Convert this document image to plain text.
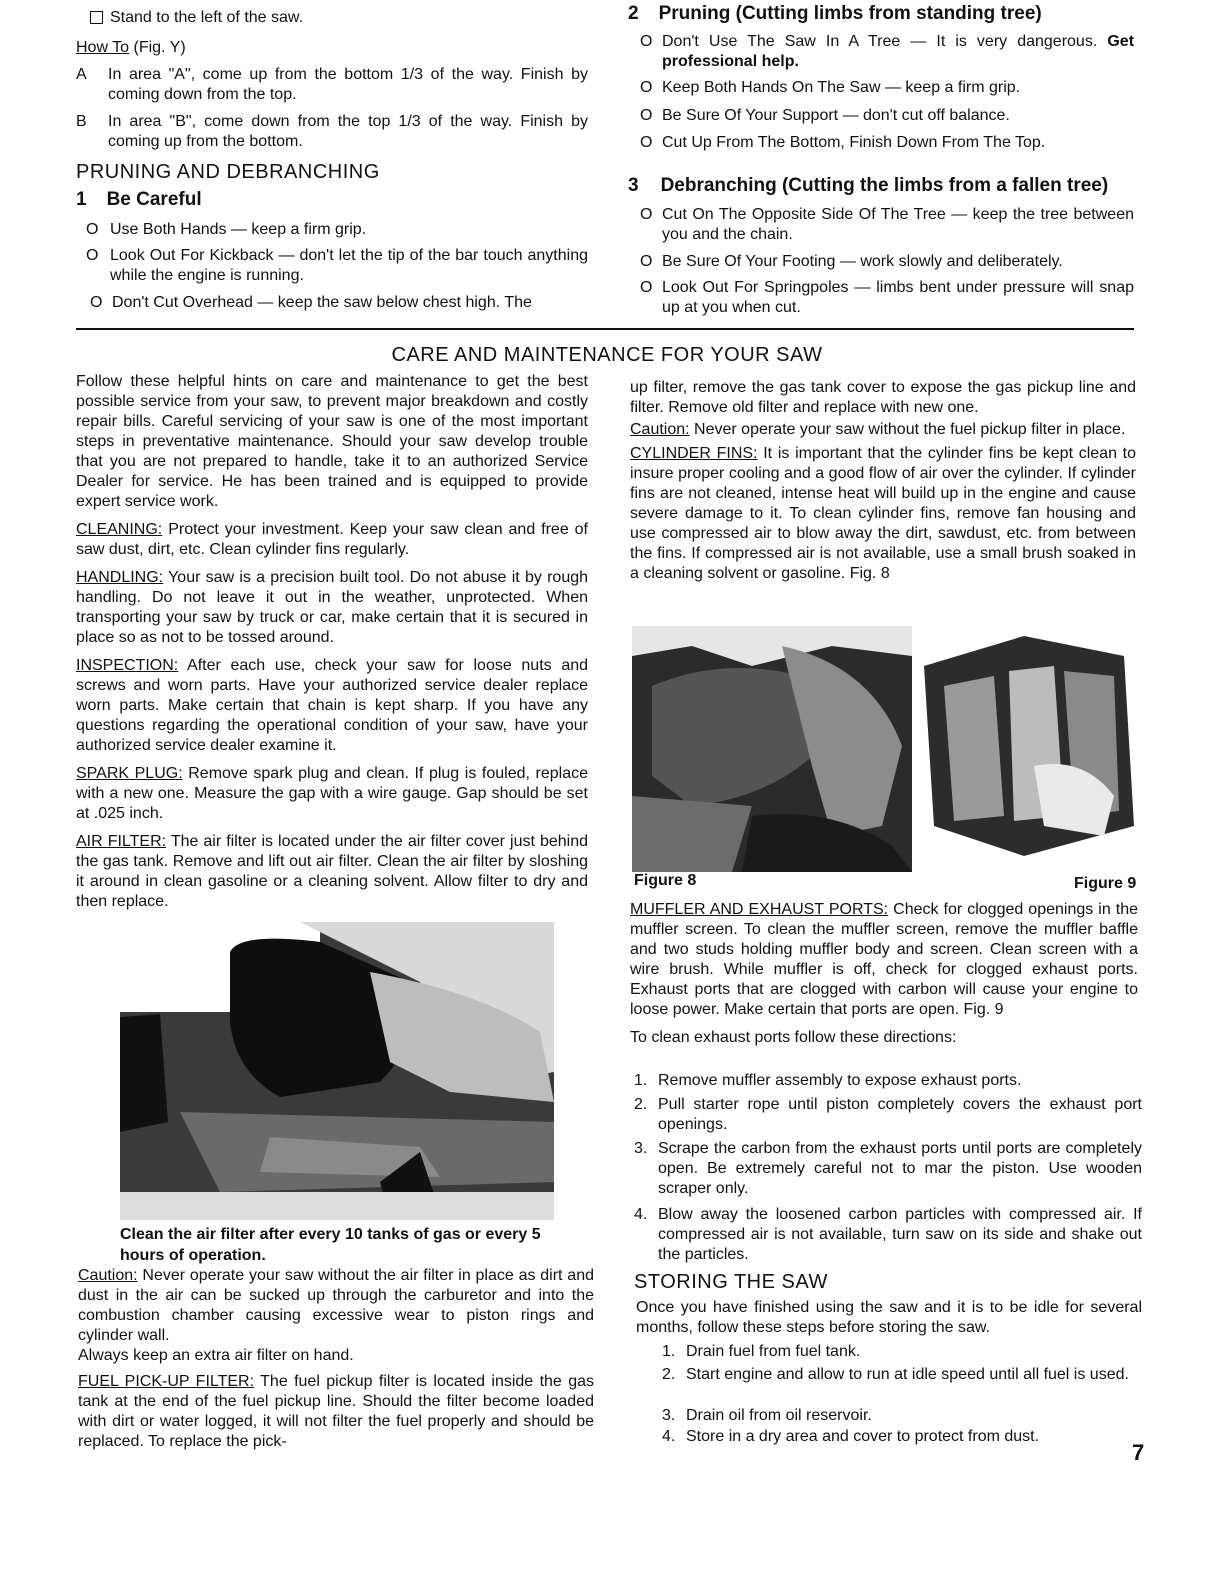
Stand to the left of the saw.
How To (Fig. Y)
A	In area "A", come up from the bottom 1/3 of the way. Finish by coming down from the top.
B	In area "B", come down from the top 1/3 of the way. Finish by coming up from the bottom.
PRUNING AND DEBRANCHING
1 Be Careful
O Use Both Hands — keep a firm grip.
O Look Out For Kickback — don't let the tip of the bar touch anything while the engine is running.
O Don't Cut Overhead — keep the saw below chest high. The
2 Pruning (Cutting limbs from standing tree)
O Don't Use The Saw In A Tree — It is very dangerous. Get professional help.
O Keep Both Hands On The Saw — keep a firm grip.
O Be Sure Of Your Support — don't cut off balance.
O Cut Up From The Bottom, Finish Down From The Top.
3 Debranching (Cutting the limbs from a fallen tree)
O Cut On The Opposite Side Of The Tree — keep the tree between you and the chain.
O Be Sure Of Your Footing — work slowly and deliberately.
O Look Out For Springpoles — limbs bent under pressure will snap up at you when cut.
CARE AND MAINTENANCE FOR YOUR SAW

Follow these helpful hints on care and maintenance to get the best possible service from your saw, to prevent major breakdown and costly repair bills. Careful servicing of your saw is one of the most important steps in preventative maintenance. Should your saw develop trouble that you are not prepared to handle, take it to an authorized Service Dealer for service. He has been trained and is equipped to provide expert service work.

CLEANING: Protect your investment. Keep your saw clean and free of saw dust, dirt, etc. Clean cylinder fins regularly.

HANDLING: Your saw is a precision built tool. Do not abuse it by rough handling. Do not leave it out in the weather, unprotected. When transporting your saw by truck or car, make certain that it is secured in place so as not to be tossed around.

INSPECTION: After each use, check your saw for loose nuts and screws and worn parts. Have your authorized service dealer replace worn parts. Make certain that chain is kept sharp. If you have any questions regarding the operational condition of your saw, have your authorized service dealer examine it.

SPARK PLUG: Remove spark plug and clean. If plug is fouled, replace with a new one. Measure the gap with a wire gauge. Gap should be set at .025 inch.

AIR FILTER: The air filter is located under the air filter cover just behind the gas tank. Remove and lift out air filter. Clean the air filter by sloshing it around in clean gasoline or a cleaning solvent. Allow filter to dry and then replace.

Clean the air filter after every 10 tanks of gas or every 5 hours of operation.

Caution: Never operate your saw without the air filter in place as dirt and dust in the air can be sucked up through the carburetor and into the combustion chamber causing excessive wear to piston rings and cylinder wall.

Always keep an extra air filter on hand.

FUEL PICK-UP FILTER: The fuel pickup filter is located inside the gas tank at the end of the fuel pickup line. Should the filter become loaded with dirt or water logged, it will not filter the fuel properly and should be replaced. To replace the pick-

up filter, remove the gas tank cover to expose the gas pickup line and filter. Remove old filter and replace with new one.

Caution: Never operate your saw without the fuel pickup filter in place.

CYLINDER FINS: It is important that the cylinder fins be kept clean to insure proper cooling and a good flow of air over the cylinder. If cylinder fins are not cleaned, intense heat will build up in the engine and cause severe damage to it. To clean cylinder fins, remove fan housing and use compressed air to blow away the dirt, sawdust, etc. from between the fins. If compressed air is not available, use a small brush soaked in a cleaning solvent or gasoline. Fig. 8

Figure 8	Figure 9

MUFFLER AND EXHAUST PORTS: Check for clogged openings in the muffler screen. To clean the muffler screen, remove the muffler baffle and two studs holding muffler body and screen. Clean screen with a wire brush. While muffler is off, check for clogged exhaust ports. Exhaust ports that are clogged with carbon will cause your engine to loose power. Make certain that ports are open. Fig. 9

To clean exhaust ports follow these directions:

1. Remove muffler assembly to expose exhaust ports.
2. Pull starter rope until piston completely covers the exhaust port openings.
3. Scrape the carbon from the exhaust ports until ports are completely open. Be extremely careful not to mar the piston. Use wooden scraper only.
4. Blow away the loosened carbon particles with compressed air. If compressed air is not available, turn saw on its side and shake out the particles.
STORING THE SAW

Once you have finished using the saw and it is to be idle for several months, follow these steps before storing the saw.

1. Drain fuel from fuel tank.
2. Start engine and allow to run at idle speed until all fuel is used.
3. Drain oil from oil reservoir.
4. Store in a dry area and cover to protect from dust.
7
